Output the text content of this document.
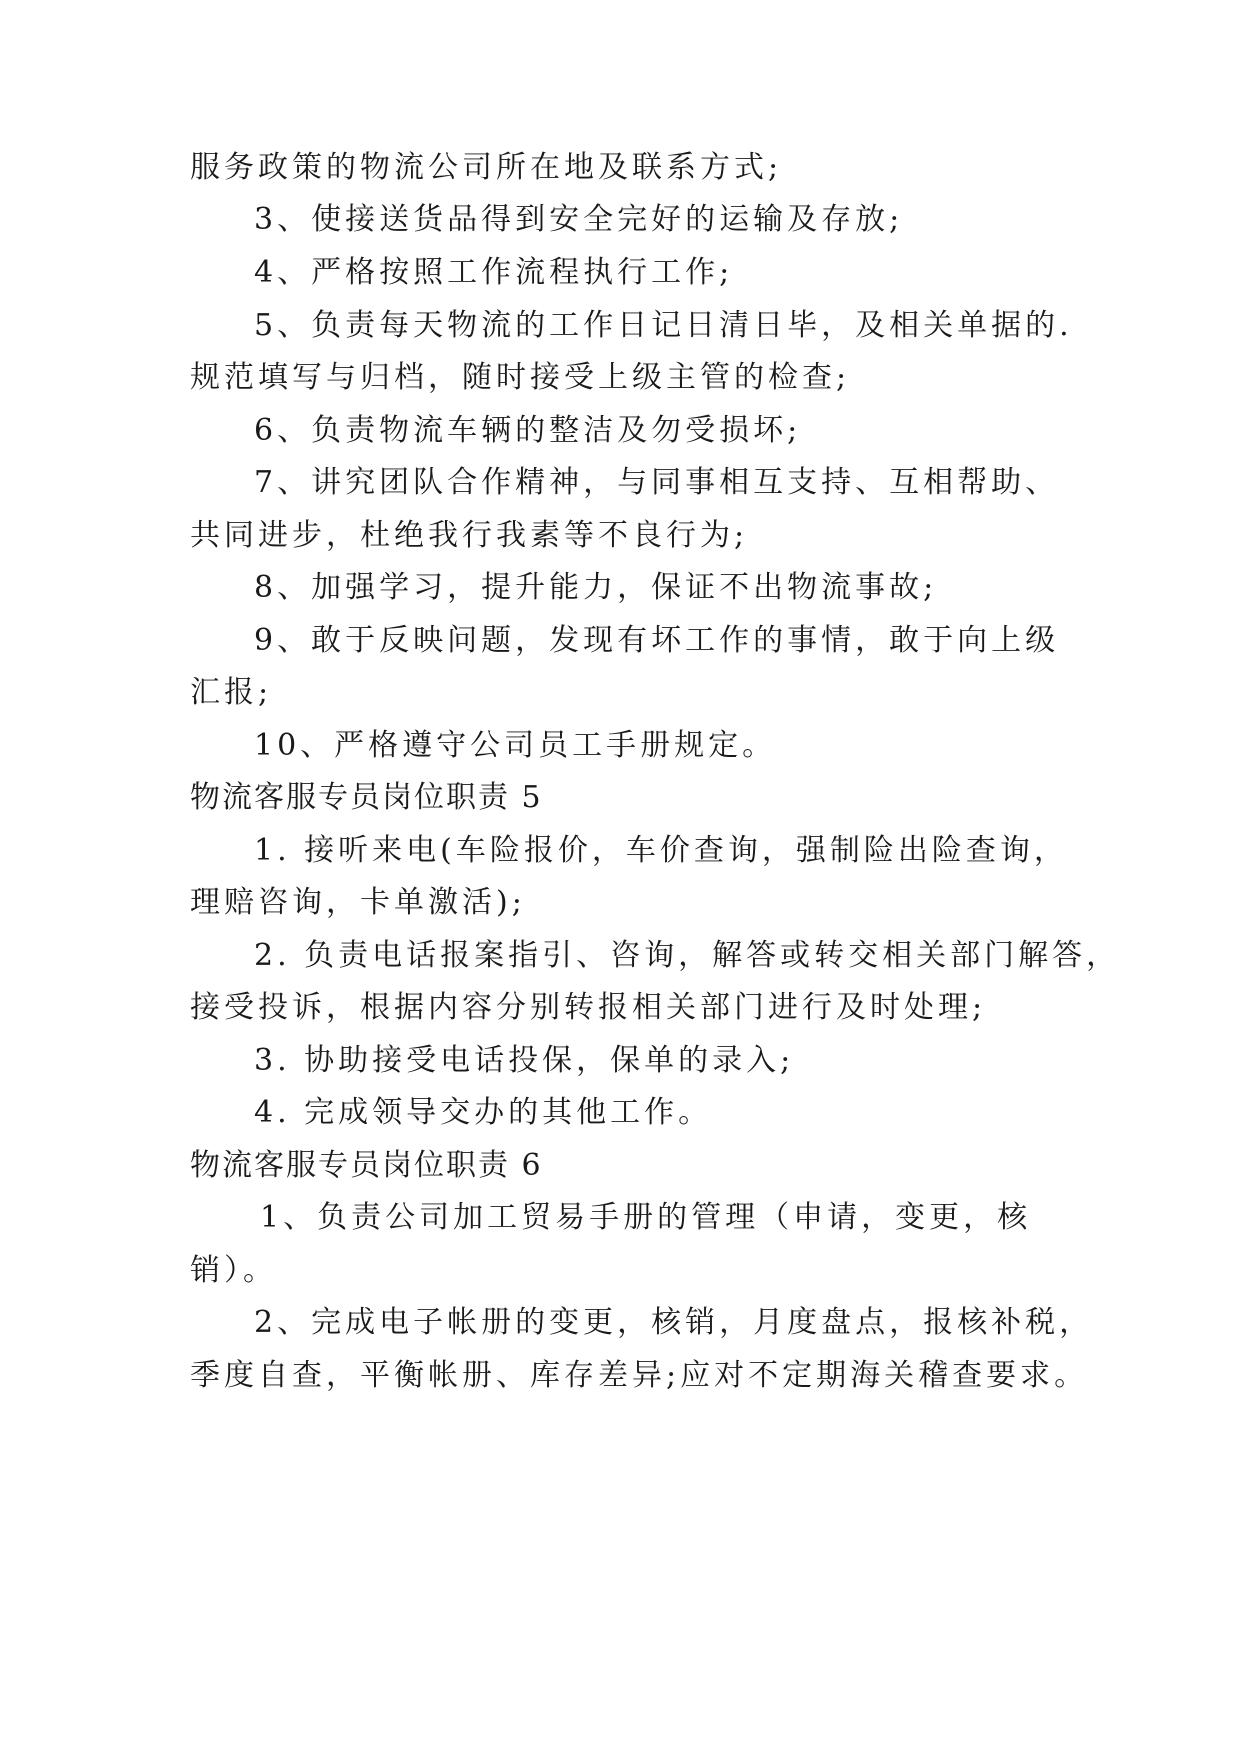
服务政策的物流公司所在地及联系方式;
3、使接送货品得到安全完好的运输及存放;
4、严格按照工作流程执行工作;
5、负责每天物流的工作日记日清日毕，及相关单据的.
规范填写与归档，随时接受上级主管的检查;
6、负责物流车辆的整洁及勿受损坏;
7、讲究团队合作精神，与同事相互支持、互相帮助、
共同进步，杜绝我行我素等不良行为;
8、加强学习，提升能力，保证不出物流事故;
9、敢于反映问题，发现有坏工作的事情，敢于向上级
汇报;
10、严格遵守公司员工手册规定。
物流客服专员岗位职责 5
1. 接听来电(车险报价，车价查询，强制险出险查询，
理赔咨询，卡单激活);
2. 负责电话报案指引、咨询，解答或转交相关部门解答，
接受投诉，根据内容分别转报相关部门进行及时处理;
3. 协助接受电话投保，保单的录入;
4. 完成领导交办的其他工作。
物流客服专员岗位职责 6
1、负责公司加工贸易手册的管理（申请，变更，核
销）。
2、完成电子帐册的变更，核销，月度盘点，报核补税，
季度自查，平衡帐册、库存差异;应对不定期海关稽查要求。
